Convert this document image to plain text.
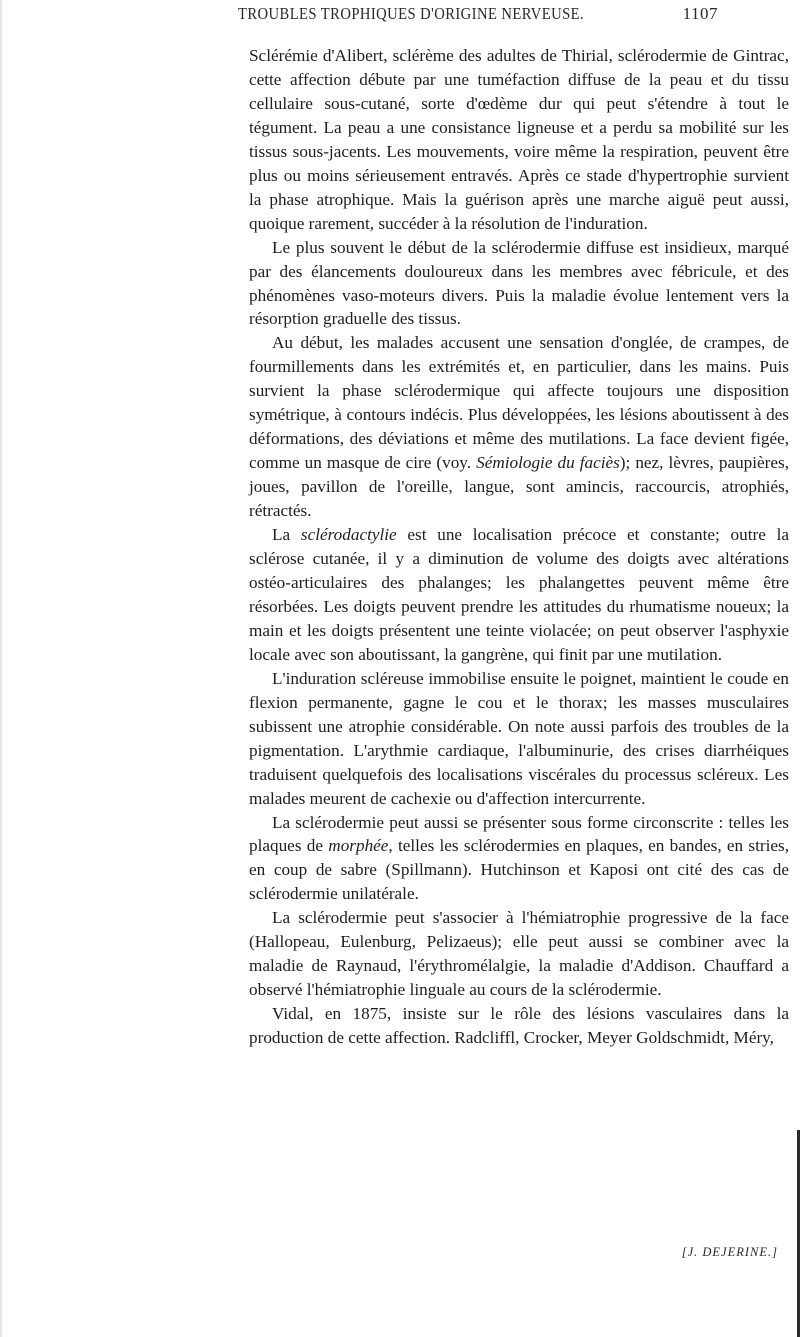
TROUBLES TROPHIQUES D'ORIGINE NERVEUSE.	1107

Sclérémie d'Alibert, sclérème des adultes de Thirial, sclérodermie de Gintrac, cette affection débute par une tuméfaction diffuse de la peau et du tissu cellulaire sous-cutané, sorte d'œdème dur qui peut s'étendre à tout le tégument. La peau a une consistance ligneuse et a perdu sa mobilité sur les tissus sous-jacents. Les mouvements, voire même la respiration, peuvent être plus ou moins sérieusement entravés. Après ce stade d'hypertrophie survient la phase atrophique. Mais la guérison après une marche aiguë peut aussi, quoique rarement, succéder à la résolution de l'induration.

Le plus souvent le début de la sclérodermie diffuse est insidieux, marqué par des élancements douloureux dans les membres avec fébricule, et des phénomènes vaso-moteurs divers. Puis la maladie évolue lentement vers la résorption graduelle des tissus.

Au début, les malades accusent une sensation d'onglée, de crampes, de fourmillements dans les extrémités et, en particulier, dans les mains. Puis survient la phase sclérodermique qui affecte toujours une disposition symétrique, à contours indécis. Plus développées, les lésions aboutissent à des déformations, des déviations et même des mutilations. La face devient figée, comme un masque de cire (voy. Sémiologie du faciès); nez, lèvres, paupières, joues, pavillon de l'oreille, langue, sont amincis, raccourcis, atrophiés, rétractés.

La sclérodactylie est une localisation précoce et constante; outre la sclérose cutanée, il y a diminution de volume des doigts avec altérations ostéo-articulaires des phalanges; les phalangettes peuvent même être résorbées. Les doigts peuvent prendre les attitudes du rhumatisme noueux; la main et les doigts présentent une teinte violacée; on peut observer l'asphyxie locale avec son aboutissant, la gangrène, qui finit par une mutilation.

L'induration scléreuse immobilise ensuite le poignet, maintient le coude en flexion permanente, gagne le cou et le thorax; les masses musculaires subissent une atrophie considérable. On note aussi parfois des troubles de la pigmentation. L'arythmie cardiaque, l'albuminurie, des crises diarrhéiques traduisent quelquefois des localisations viscérales du processus scléreux. Les malades meurent de cachexie ou d'affection intercurrente.

La sclérodermie peut aussi se présenter sous forme circonscrite : telles les plaques de morphée, telles les sclérodermies en plaques, en bandes, en stries, en coup de sabre (Spillmann). Hutchinson et Kaposi ont cité des cas de sclérodermie unilatérale.

La sclérodermie peut s'associer à l'hémiatrophie progressive de la face (Hallopeau, Eulenburg, Pelizaeus); elle peut aussi se combiner avec la maladie de Raynaud, l'érythromélalgie, la maladie d'Addison. Chauffard a observé l'hémiatrophie linguale au cours de la sclérodermie.

Vidal, en 1875, insiste sur le rôle des lésions vasculaires dans la production de cette affection. Radcliffl, Crocker, Meyer Goldschmidt, Méry,

[J. DEJERINE.]
